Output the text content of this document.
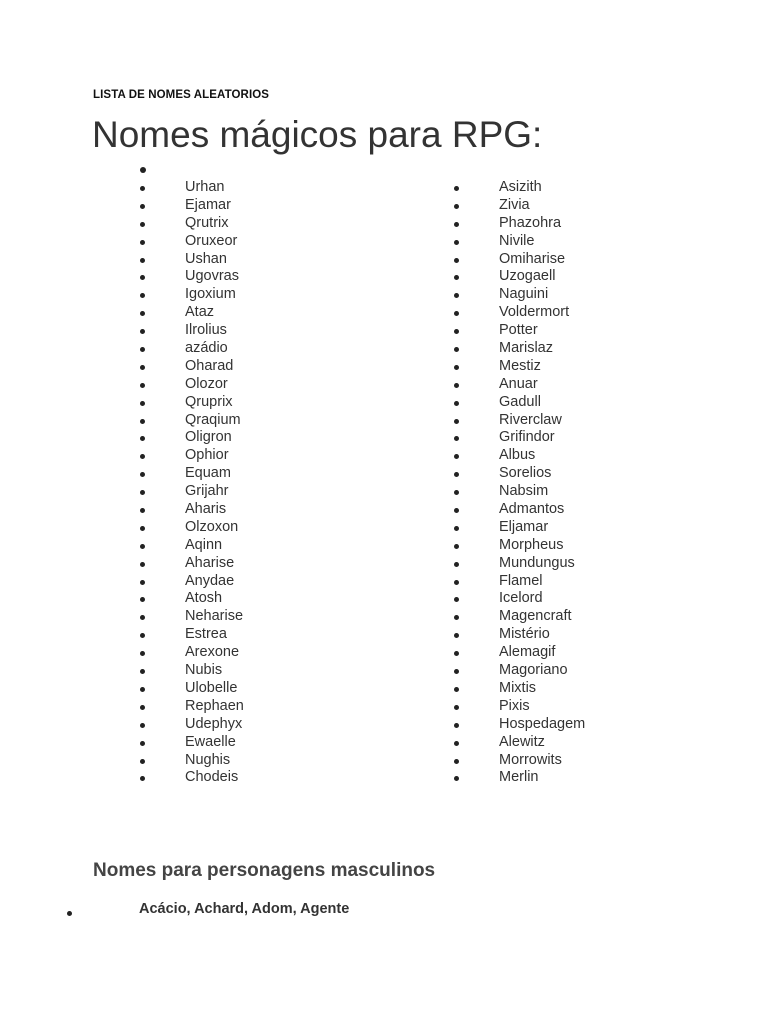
LISTA DE NOMES ALEATORIOS
Nomes mágicos para RPG:
Urhan
Ejamar
Qrutrix
Oruxeor
Ushan
Ugovras
Igoxium
Ataz
Ilrolius
azádio
Oharad
Olozor
Qruprix
Qraqium
Oligron
Ophior
Equam
Grijahr
Aharis
Olzoxon
Aqinn
Aharise
Anydae
Atosh
Neharise
Estrea
Arexone
Nubis
Ulobelle
Rephaen
Udephyx
Ewaelle
Nughis
Chodeis
Asizith
Zivia
Phazohra
Nivile
Omiharise
Uzogaell
Naguini
Voldermort
Potter
Marislaz
Mestiz
Anuar
Gadull
Riverclaw
Grifindor
Albus
Sorelios
Nabsim
Admantos
Eljamar
Morpheus
Mundungus
Flamel
Icelord
Magencraft
Mistério
Alemagif
Magoriano
Mixtis
Pixis
Hospedagem
Alewitz
Morrowits
Merlin
Nomes para personagens masculinos
Acácio, Achard, Adom, Agente
